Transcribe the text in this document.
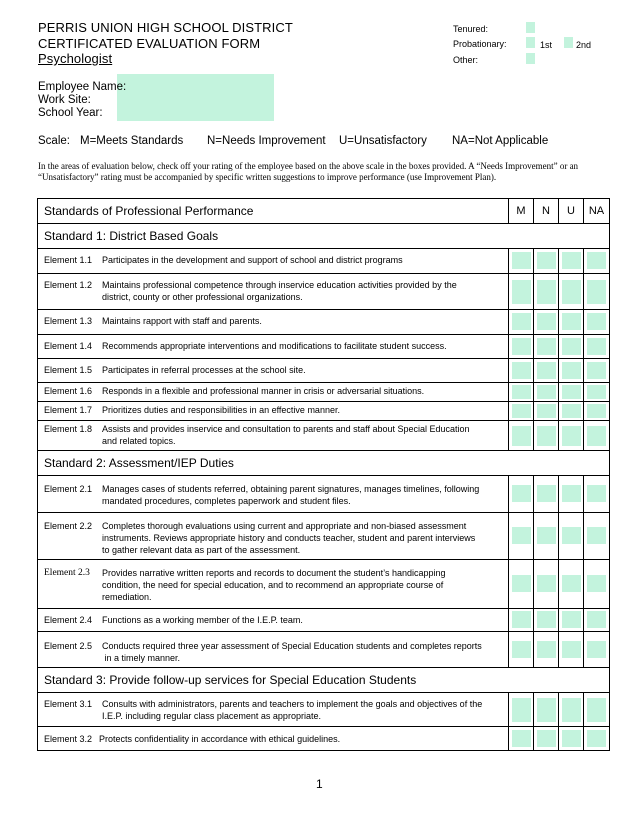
PERRIS UNION HIGH SCHOOL DISTRICT
CERTIFICATED EVALUATION FORM
Psychologist
Tenured:
Probationary:	1st	2nd
Other:
Employee Name:
Work Site:
School Year:
Scale: M=Meets Standards N=Needs Improvement U=Unsatisfactory NA=Not Applicable
In the areas of evaluation below, check off your rating of the employee based on the above scale in the boxes provided. A “Needs Improvement” or an
“Unsatisfactory” rating must be accompanied by specific written suggestions to improve performance (use Improvement Plan).
Standards of Professional Performance	M	N	U	NA
Standard 1: District Based Goals				

Element 1.1 Participates in the development and support of school and district programs				

Element 1.2 Maintains professional competence through inservice education activities provided by the
district, county or other professional organizations.				

Element 1.3 Maintains rapport with staff and parents.				

Element 1.4 Recommends appropriate interventions and modifications to facilitate student success.				

Element 1.5 Participates in referral processes at the school site.				

Element 1.6 Responds in a flexible and professional manner in crisis or adversarial situations.				

Element 1.7 Prioritizes duties and responsibilities in an effective manner.				

Element 1.8 Assists and provides inservice and consultation to parents and staff about Special Education
and related topics.				

Standard 2: Assessment/IEP Duties				

Element 2.1 Manages cases of students referred, obtaining parent signatures, manages timelines, following
mandated procedures, completes paperwork and student files.				

Element 2.2 Completes thorough evaluations using current and appropriate and non-biased assessment
instruments. Reviews appropriate history and conducts teacher, student and parent interviews
to gather relevant data as part of the assessment.				

Element 2.3 Provides narrative written reports and records to document the student’s handicapping
condition, the need for special education, and to recommend an appropriate course of
remediation.				

Element 2.4 Functions as a working member of the I.E.P. team.				

Element 2.5 Conducts required three year assessment of Special Education students and completes reports
in a timely manner.				

Standard 3: Provide follow-up services for Special Education Students				

Element 3.1 Consults with administrators, parents and teachers to implement the goals and objectives of the
I.E.P. including regular class placement as appropriate.				

Element 3.2 Protects confidentiality in accordance with ethical guidelines.				

1
